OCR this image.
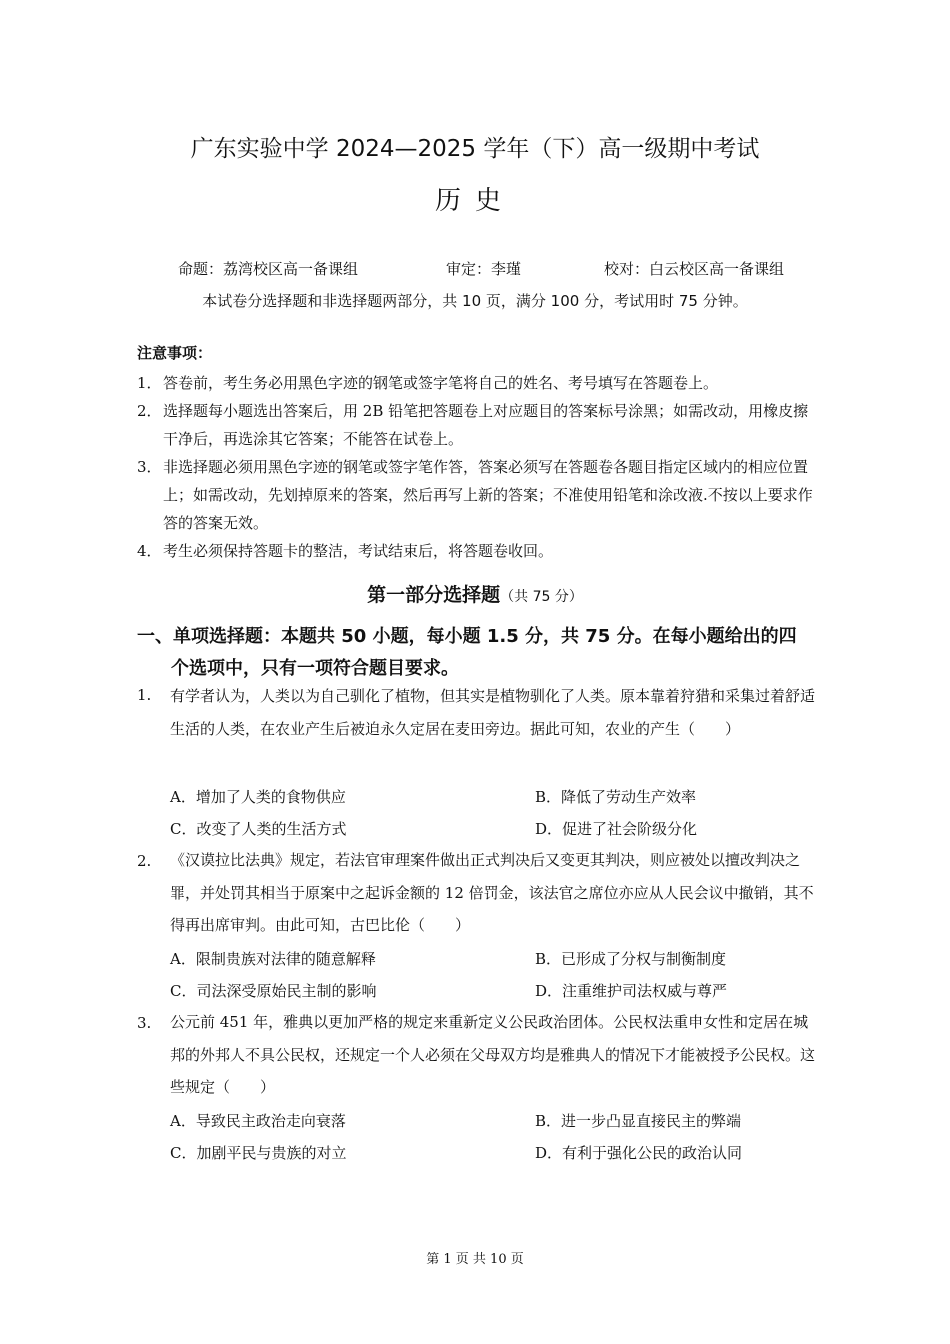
广东实验中学 2024—2025 学年（下）高一级期中考试
历史
命题：荔湾校区高一备课组	审定：李瑾	校对：白云校区高一备课组
本试卷分选择题和非选择题两部分，共 10 页，满分 100 分，考试用时 75 分钟。
注意事项：
1． 答卷前，考生务必用黑色字迹的钢笔或签字笔将自己的姓名、考号填写在答题卷上。
2． 选择题每小题选出答案后，用 2B 铅笔把答题卷上对应题目的答案标号涂黑；如需改动，用橡皮擦干净后，再选涂其它答案；不能答在试卷上。
3． 非选择题必须用黑色字迹的钢笔或签字笔作答，答案必须写在答题卷各题目指定区域内的相应位置上；如需改动，先划掉原来的答案，然后再写上新的答案；不准使用铅笔和涂改液.不按以上要求作答的答案无效。
4． 考生必须保持答题卡的整洁，考试结束后，将答题卷收回。
第一部分选择题（共 75 分）
一、单项选择题：本题共 50 小题，每小题 1.5 分，共 75 分。在每小题给出的四
个选项中，只有一项符合题目要求。
1. 有学者认为，人类以为自己驯化了植物，但其实是植物驯化了人类。原本靠着狩猎和采集过着舒适生活的人类，在农业产生后被迫永久定居在麦田旁边。据此可知，农业的产生（　　）
A．增加了人类的食物供应	B．降低了劳动生产效率
C．改变了人类的生活方式	D．促进了社会阶级分化
2. 《汉谟拉比法典》规定，若法官审理案件做出正式判决后又变更其判决，则应被处以擅改判决之罪，并处罚其相当于原案中之起诉金额的 12 倍罚金，该法官之席位亦应从人民会议中撤销，其不得再出席审判。由此可知，古巴比伦（　　）
A．限制贵族对法律的随意解释	B．已形成了分权与制衡制度
C．司法深受原始民主制的影响	D．注重维护司法权威与尊严
3. 公元前 451 年，雅典以更加严格的规定来重新定义公民政治团体。公民权法重申女性和定居在城邦的外邦人不具公民权，还规定一个人必须在父母双方均是雅典人的情况下才能被授予公民权。这些规定（　　）
A．导致民主政治走向衰落	B．进一步凸显直接民主的弊端
C．加剧平民与贵族的对立	D．有利于强化公民的政治认同
第 1 页 共 10 页
